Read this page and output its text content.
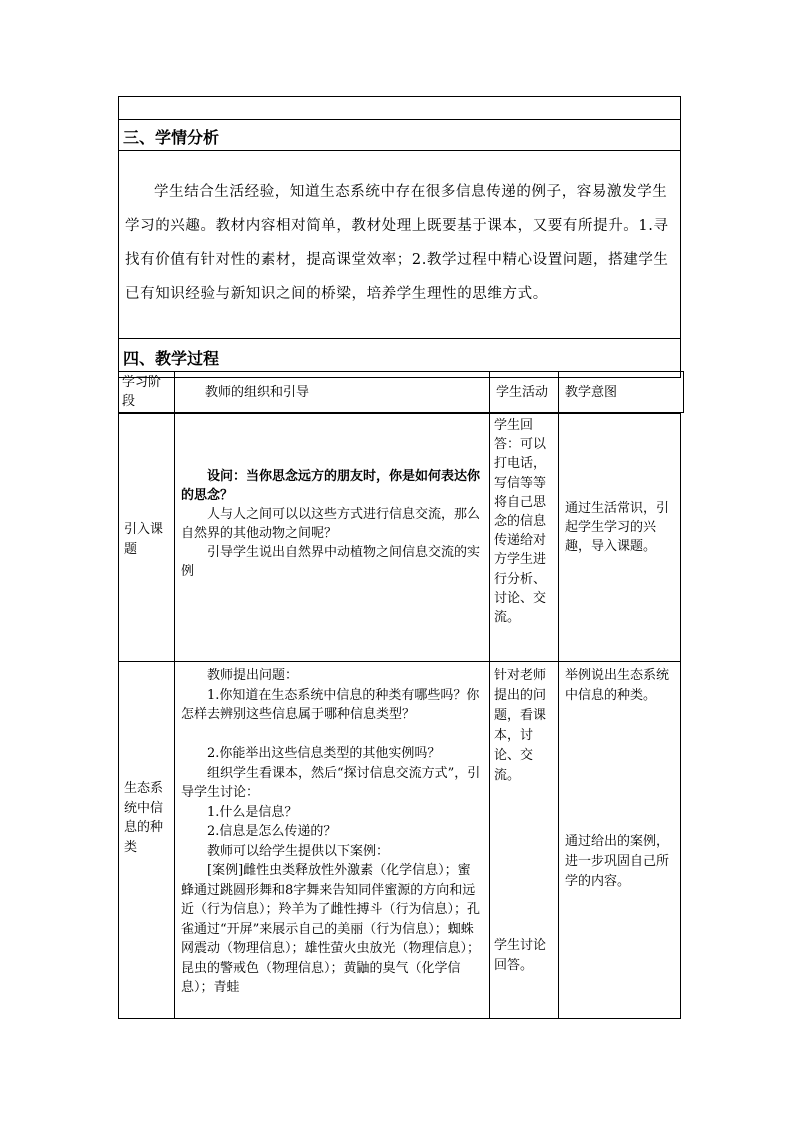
三、学情分析

学生结合生活经验，知道生态系统中存在很多信息传递的例子，容易激发学生学习的兴趣。教材内容相对简单，教材处理上既要基于课本，又要有所提升。1.寻找有价值有针对性的素材，提高课堂效率；2.教学过程中精心设置问题，搭建学生已有知识经验与新知识之间的桥梁，培养学生理性的思维方式。

四、教学过程
学习阶段
教师的组织和引导	学生活动 教学意图
引入课题

设问：当你思念远方的朋友时，你是如何表达你的思念？

人与人之间可以以这些方式进行信息交流，那么自然界的其他动物之间呢？

引导学生说出自然界中动植物之间信息交流的实例

学生回答：可以打电话，写信等等将自己思念的信息传递给对方学生进行分析、讨论、交流。
通过生活常识，引起学生学习的兴趣，导入课题。
生态系统中信息的种类

教师提出问题：

1.你知道在生态系统中信息的种类有哪些吗？你怎样去辨别这些信息属于哪种信息类型？

2.你能举出这些信息类型的其他实例吗？

组织学生看课本，然后“探讨信息交流方式”，引导学生讨论：

1.什么是信息？

2.信息是怎么传递的？

教师可以给学生提供以下案例：

[案例]雌性虫类释放性外激素（化学信息）；蜜蜂通过跳圆形舞和8字舞来告知同伴蜜源的方向和远近（行为信息）；羚羊为了雌性搏斗（行为信息）；孔雀通过“开屏”来展示自己的美丽（行为信息）；蜘蛛网震动（物理信息）；雄性萤火虫放光（物理信息）；昆虫的警戒色（物理信息）；黄鼬的臭气（化学信息）；青蛙

针对老师提出的问题，看课本，讨论、交流。
学生讨论回答。
举例说出生态系统中信息的种类。
通过给出的案例，进一步巩固自己所学的内容。
